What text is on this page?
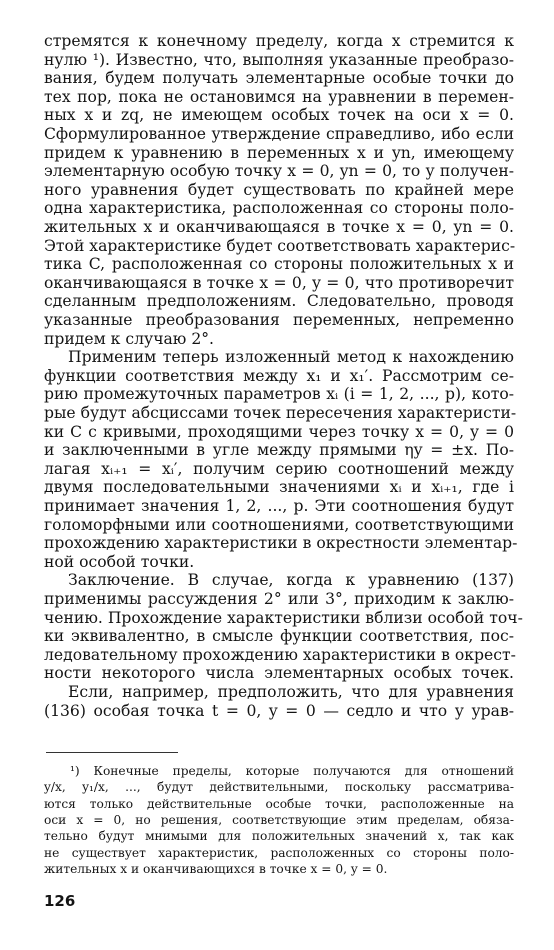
стремятся к конечному пределу, когда x стремится к
нулю ¹). Известно, что, выполняя указанные преобразо-
вания, будем получать элементарные особые точки до
тех пор, пока не остановимся на уравнении в перемен-
ных x и zq, не имеющем особых точек на оси x = 0.
Сформулированное утверждение справедливо, ибо если
придем к уравнению в переменных x и yn, имеющему
элементарную особую точку x = 0, yn = 0, то у получен-
ного уравнения будет существовать по крайней мере
одна характеристика, расположенная со стороны поло-
жительных x и оканчивающаяся в точке x = 0, yn = 0.
Этой характеристике будет соответствовать характерис-
тика C, расположенная со стороны положительных x и
оканчивающаяся в точке x = 0, y = 0, что противоречит
сделанным предположениям. Следовательно, проводя
указанные преобразования переменных, непременно
придем к случаю 2°.
Применим теперь изложенный метод к нахождению
функции соответствия между x₁ и x₁′. Рассмотрим се-
рию промежуточных параметров xᵢ (i = 1, 2, ..., p), кото-
рые будут абсциссами точек пересечения характеристи-
ки C с кривыми, проходящими через точку x = 0, y = 0
и заключенными в угле между прямыми ηy = ±x. По-
лагая xᵢ₊₁ = xᵢ′, получим серию соотношений между
двумя последовательными значениями xᵢ и xᵢ₊₁, где i
принимает значения 1, 2, ..., p. Эти соотношения будут
голоморфными или соотношениями, соответствующими
прохождению характеристики в окрестности элементар-
ной особой точки.
Заключение. В случае, когда к уравнению (137)
применимы рассуждения 2° или 3°, приходим к заклю-
чению. Прохождение характеристики вблизи особой точ-
ки эквивалентно, в смысле функции соответствия, пос-
ледовательному прохождению характеристики в окрест-
ности некоторого числа элементарных особых точек.
Если, например, предположить, что для уравнения
(136) особая точка t = 0, y = 0 — седло и что у урав-
¹) Конечные пределы, которые получаются для отношений
y/x, y₁/x, ..., будут действительными, поскольку рассматрива-
ются только действительные особые точки, расположенные на
оси x = 0, но решения, соответствующие этим пределам, обяза-
тельно будут мнимыми для положительных значений x, так как
не существует характеристик, расположенных со стороны поло-
жительных x и оканчивающихся в точке x = 0, y = 0.
126
